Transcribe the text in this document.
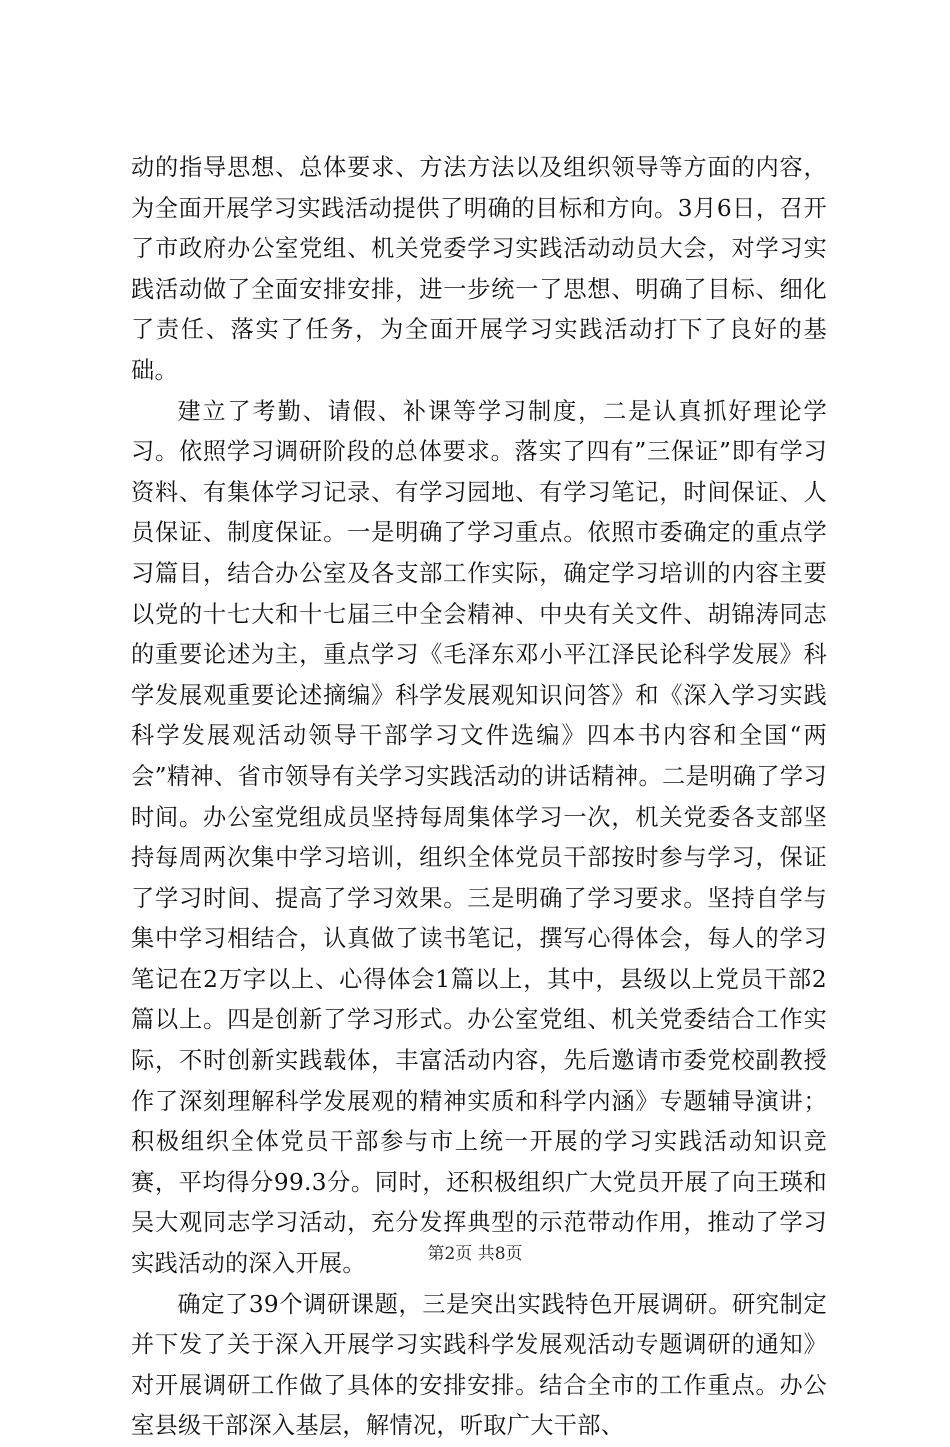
动的指导思想、总体要求、方法方法以及组织领导等方面的内容，为全面开展学习实践活动提供了明确的目标和方向。3月6日，召开了市政府办公室党组、机关党委学习实践活动动员大会，对学习实践活动做了全面安排安排，进一步统一了思想、明确了目标、细化了责任、落实了任务，为全面开展学习实践活动打下了良好的基础。

建立了考勤、请假、补课等学习制度，二是认真抓好理论学习。依照学习调研阶段的总体要求。落实了四有”三保证”即有学习资料、有集体学习记录、有学习园地、有学习笔记，时间保证、人员保证、制度保证。一是明确了学习重点。依照市委确定的重点学习篇目，结合办公室及各支部工作实际，确定学习培训的内容主要以党的十七大和十七届三中全会精神、中央有关文件、胡锦涛同志的重要论述为主，重点学习《毛泽东邓小平江泽民论科学发展》科学发展观重要论述摘编》科学发展观知识问答》和《深入学习实践科学发展观活动领导干部学习文件选编》四本书内容和全国“两会”精神、省市领导有关学习实践活动的讲话精神。二是明确了学习时间。办公室党组成员坚持每周集体学习一次，机关党委各支部坚持每周两次集中学习培训，组织全体党员干部按时参与学习，保证了学习时间、提高了学习效果。三是明确了学习要求。坚持自学与集中学习相结合，认真做了读书笔记，撰写心得体会，每人的学习笔记在2万字以上、心得体会1篇以上，其中，县级以上党员干部2篇以上。四是创新了学习形式。办公室党组、机关党委结合工作实际，不时创新实践载体，丰富活动内容，先后邀请市委党校副教授作了深刻理解科学发展观的精神实质和科学内涵》专题辅导演讲；积极组织全体党员干部参与市上统一开展的学习实践活动知识竞赛，平均得分99.3分。同时，还积极组织广大党员开展了向王瑛和吴大观同志学习活动，充分发挥典型的示范带动作用，推动了学习实践活动的深入开展。

确定了39个调研课题，三是突出实践特色开展调研。研究制定并下发了关于深入开展学习实践科学发展观活动专题调研的通知》对开展调研工作做了具体的安排安排。结合全市的工作重点。办公室县级干部深入基层，解情况，听取广大干部、

第2页 共8页
